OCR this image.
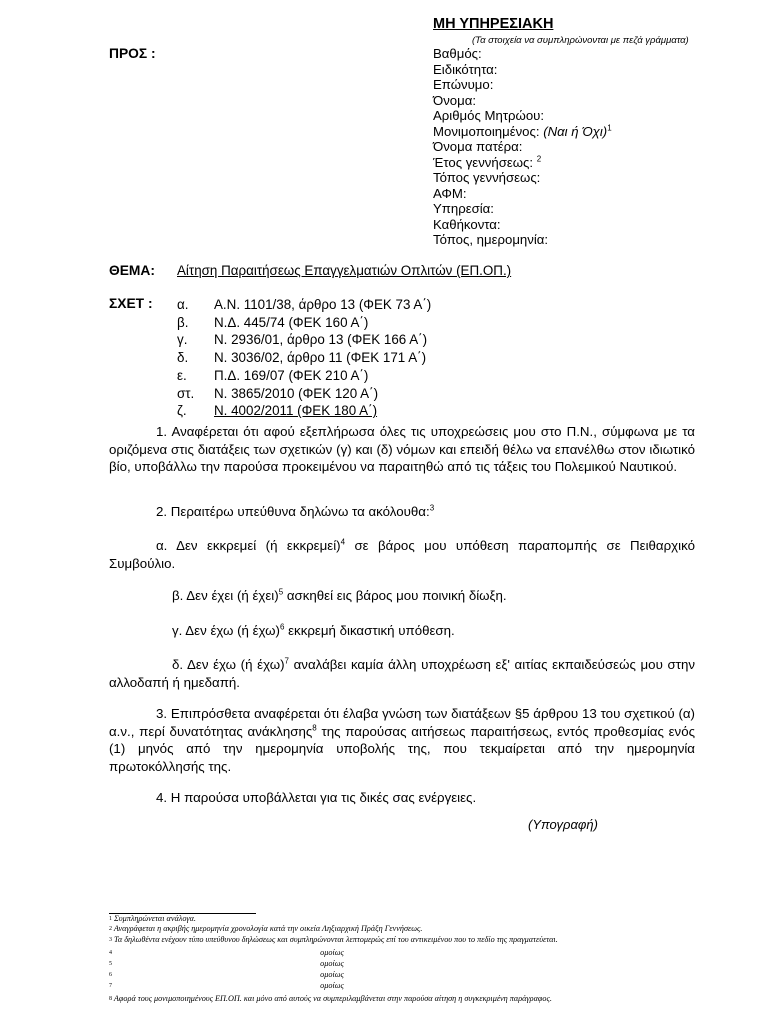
ΜΗ ΥΠΗΡΕΣΙΑΚΗ
(Τα στοιχεία να συμπληρώνονται με πεζά γράμματα)
ΠΡΟΣ :	Βαθμός:
Ειδικότητα:
Επώνυμο:
Όνομα:
Αριθμός Μητρώου:
Μονιμοποιημένος: (Ναι ή Όχι)$^1$
Όνομα πατέρα:
Έτος γεννήσεως: $^2$
Τόπος γεννήσεως:
ΑΦΜ:
Υπηρεσία:
Καθήκοντα:
Τόπος, ημερομηνία:
ΘΕΜΑ: Αίτηση Παραιτήσεως Επαγγελματιών Οπλιτών (ΕΠ.ΟΠ.)
ΣΧΕΤ : α. Α.Ν. 1101/38, άρθρο 13 (ΦΕΚ 73 Α΄)
β. Ν.Δ. 445/74 (ΦΕΚ 160 Α΄)
γ. Ν. 2936/01, άρθρο 13 (ΦΕΚ 166 Α΄)
δ. Ν. 3036/02, άρθρο 11 (ΦΕΚ 171 Α΄)
ε. Π.Δ. 169/07 (ΦΕΚ 210 Α΄)
στ. Ν. 3865/2010 (ΦΕΚ 120 Α΄)
ζ. Ν. 4002/2011 (ΦΕΚ 180 Α΄)
1. Αναφέρεται ότι αφού εξεπλήρωσα όλες τις υποχρεώσεις μου στο Π.Ν., σύμφωνα με τα οριζόμενα στις διατάξεις των σχετικών (γ) και (δ) νόμων και επειδή θέλω να επανέλθω στον ιδιωτικό βίο, υποβάλλω την παρούσα προκειμένου να παραιτηθώ από τις τάξεις του Πολεμικού Ναυτικού.
2. Περαιτέρω υπεύθυνα δηλώνω τα ακόλουθα:$^3$
α. Δεν εκκρεμεί (ή εκκρεμεί)$^4$ σε βάρος μου υπόθεση παραπομπής σε Πειθαρχικό Συμβούλιο.
β. Δεν έχει (ή έχει)$^5$ ασκηθεί εις βάρος μου ποινική δίωξη.
γ. Δεν έχω (ή έχω)$^6$ εκκρεμή δικαστική υπόθεση.
δ. Δεν έχω (ή έχω)$^7$ αναλάβει καμία άλλη υποχρέωση εξ' αιτίας εκπαιδεύσεώς μου στην αλλοδαπή ή ημεδαπή.
3. Επιπρόσθετα αναφέρεται ότι έλαβα γνώση των διατάξεων §5 άρθρου 13 του σχετικού (α) α.ν., περί δυνατότητας ανάκλησης$^8$ της παρούσας αιτήσεως παραιτήσεως, εντός προθεσμίας ενός (1) μηνός από την ημερομηνία υποβολής της, που τεκμαίρεται από την ημερομηνία πρωτοκόλλησής της.
4. Η παρούσα υποβάλλεται για τις δικές σας ενέργειες.
(Υπογραφή)
$^1$ Συμπληρώνεται ανάλογα.
$^2$ Αναγράφεται η ακριβής ημερομηνία χρονολογία κατά την οικεία Ληξιαρχική Πράξη Γεννήσεως.
$^3$ Τα δηλωθέντα ενέχουν τύπο υπεύθυνου δηλώσεως και συμπληρώνονται λεπτομερώς επί του αντικειμένου που το πεδίο της πραγματεύεται.
$^4$	ομοίως
$^5$	ομοίως
$^6$	ομοίως
$^7$	ομοίως
$^8$ Αφορά τους μονιμοποιημένους ΕΠ.ΟΠ. και μόνο από αυτούς να συμπεριλαμβάνεται στην παρούσα αίτηση η συγκεκριμένη παράγραφος.
